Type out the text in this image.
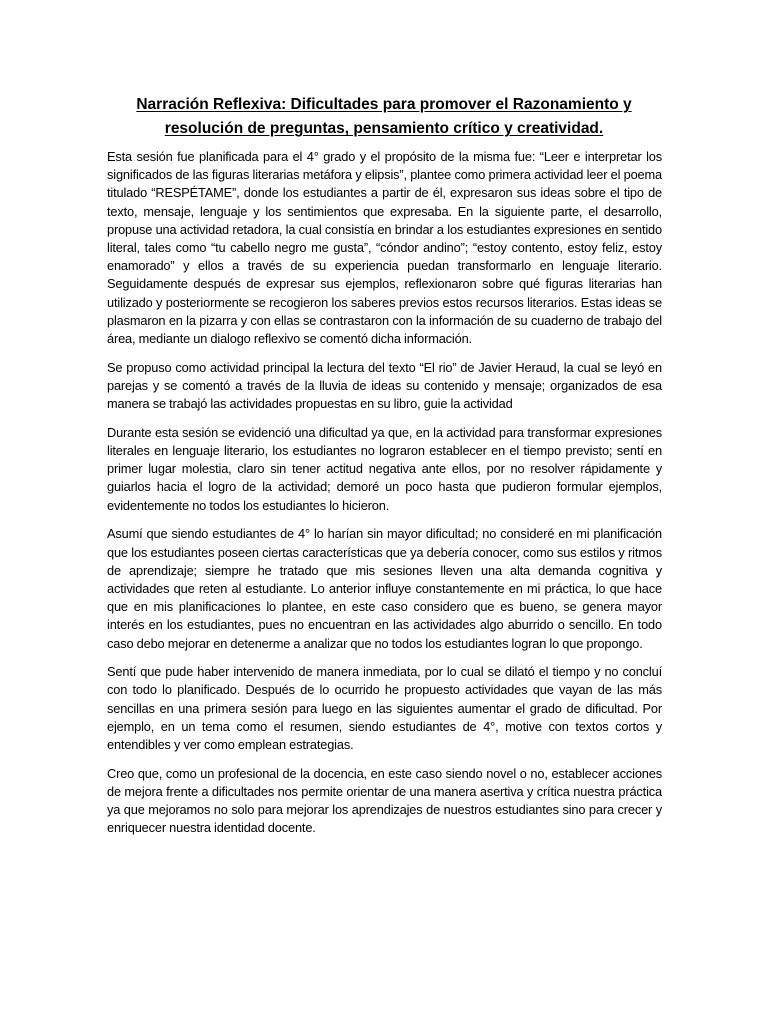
Narración Reflexiva: Dificultades para promover el Razonamiento y resolución de preguntas, pensamiento crítico y creatividad.

Esta sesión fue planificada para el 4° grado y el propósito de la misma fue: “Leer e interpretar los significados de las figuras literarias metáfora y elipsis”, plantee como primera actividad leer el poema titulado “RESPÉTAME”, donde los estudiantes a partir de él, expresaron sus ideas sobre el tipo de texto, mensaje, lenguaje y los sentimientos que expresaba. En la siguiente parte, el desarrollo, propuse una actividad retadora, la cual consistía en brindar a los estudiantes expresiones en sentido literal, tales como “tu cabello negro me gusta”, “cóndor andino”; “estoy contento, estoy feliz, estoy enamorado” y ellos a través de su experiencia puedan transformarlo en lenguaje literario. Seguidamente después de expresar sus ejemplos, reflexionaron sobre qué figuras literarias han utilizado y posteriormente se recogieron los saberes previos estos recursos literarios. Estas ideas se plasmaron en la pizarra y con ellas se contrastaron con la información de su cuaderno de trabajo del área, mediante un dialogo reflexivo se comentó dicha información.

Se propuso como actividad principal la lectura del texto “El rio” de Javier Heraud, la cual se leyó en parejas y se comentó a través de la lluvia de ideas su contenido y mensaje; organizados de esa manera se trabajó las actividades propuestas en su libro, guie la actividad

Durante esta sesión se evidenció una dificultad ya que, en la actividad para transformar expresiones literales en lenguaje literario, los estudiantes no lograron establecer en el tiempo previsto; sentí en primer lugar molestia, claro sin tener actitud negativa ante ellos, por no resolver rápidamente y guiarlos hacia el logro de la actividad; demoré un poco hasta que pudieron formular ejemplos, evidentemente no todos los estudiantes lo hicieron.

Asumí que siendo estudiantes de 4° lo harían sin mayor dificultad; no consideré en mi planificación que los estudiantes poseen ciertas características que ya debería conocer, como sus estilos y ritmos de aprendizaje; siempre he tratado que mis sesiones lleven una alta demanda cognitiva y actividades que reten al estudiante. Lo anterior influye constantemente en mi práctica, lo que hace que en mis planificaciones lo plantee, en este caso considero que es bueno, se genera mayor interés en los estudiantes, pues no encuentran en las actividades algo aburrido o sencillo. En todo caso debo mejorar en detenerme a analizar que no todos los estudiantes logran lo que propongo.

Sentí que pude haber intervenido de manera inmediata, por lo cual se dilató el tiempo y no concluí con todo lo planificado. Después de lo ocurrido he propuesto actividades que vayan de las más sencillas en una primera sesión para luego en las siguientes aumentar el grado de dificultad. Por ejemplo, en un tema como el resumen, siendo estudiantes de 4°, motive con textos cortos y entendibles y ver como emplean estrategias.

Creo que, como un profesional de la docencia, en este caso siendo novel o no, establecer acciones de mejora frente a dificultades nos permite orientar de una manera asertiva y crítica nuestra práctica ya que mejoramos no solo para mejorar los aprendizajes de nuestros estudiantes sino para crecer y enriquecer nuestra identidad docente.
